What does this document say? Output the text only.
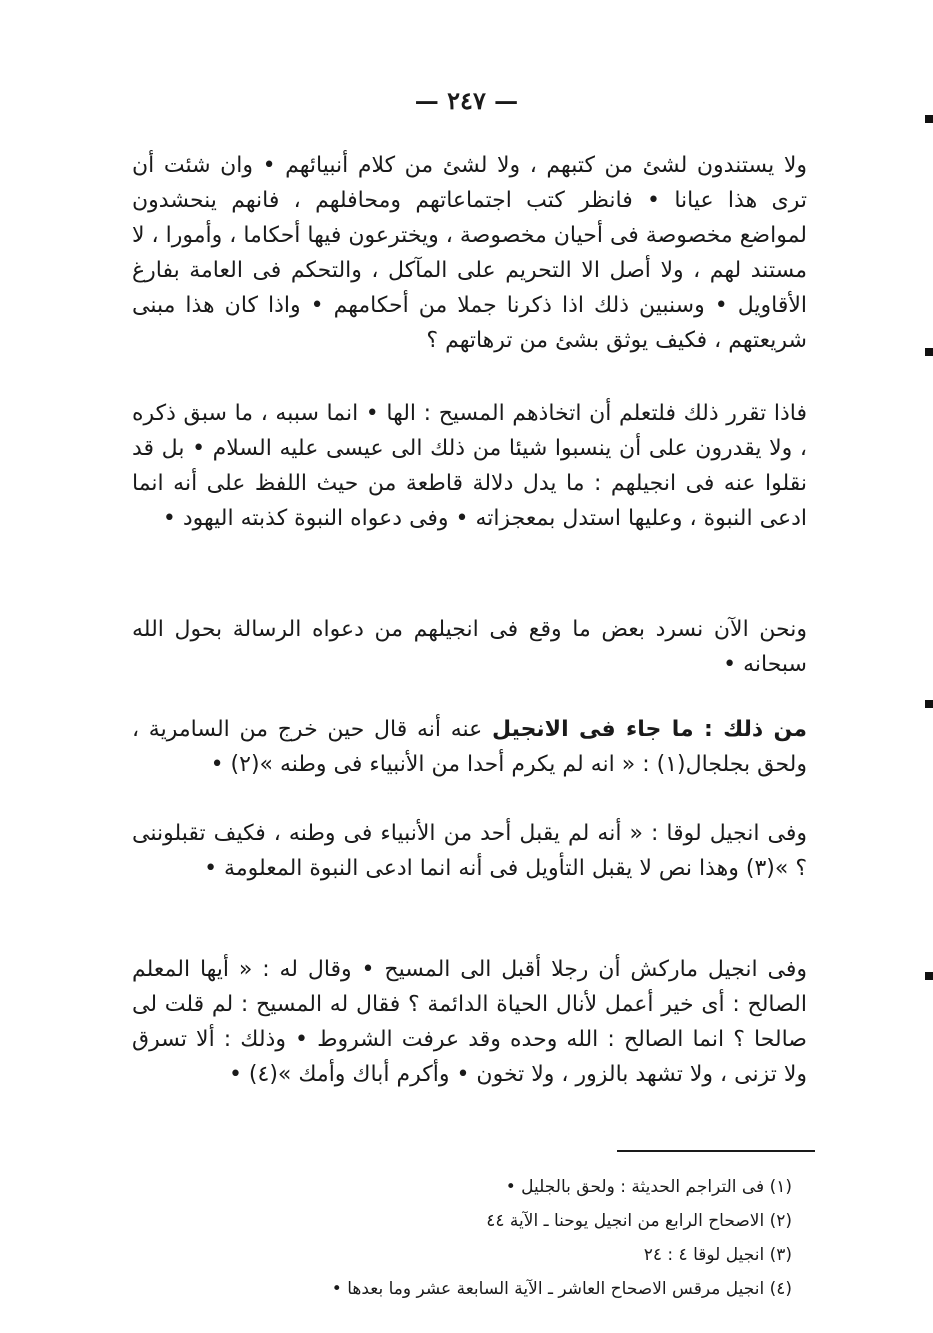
— ٢٤٧ —

ولا يستندون لشئ من كتبهم ، ولا لشئ من كلام أنبيائهم • وان شئت أن ترى هذا عيانا • فانظر كتب اجتماعاتهم ومحافلهم ، فانهم ينحشدون لمواضع مخصوصة فى أحيان مخصوصة ، ويخترعون فيها أحكاما ، وأمورا ، لا مستند لهم ، ولا أصل الا التحريم على المآكل ، والتحكم فى العامة بفارغ الأقاويل • وسنبين ذلك اذا ذكرنا جملا من أحكامهم • واذا كان هذا مبنى شريعتهم ، فكيف يوثق بشئ من ترهاتهم ؟

فاذا تقرر ذلك فلتعلم أن اتخاذهم المسيح : الها • انما سببه ، ما سبق ذكره ، ولا يقدرون على أن ينسبوا شيئا من ذلك الى عيسى عليه السلام • بل قد نقلوا عنه فى انجيلهم : ما يدل دلالة قاطعة من حيث اللفظ على أنه انما ادعى النبوة ، وعليها استدل بمعجزاته • وفى دعواه النبوة كذبته اليهود •

ونحن الآن نسرد بعض ما وقع فى انجيلهم من دعواه الرسالة بحول الله سبحانه •

من ذلك : ما جاء فى الانجيل عنه أنه قال حين خرج من السامرية ، ولحق بجلجال(١) : « انه لم يكرم أحدا من الأنبياء فى وطنه »(٢) •

وفى انجيل لوقا : « أنه لم يقبل أحد من الأنبياء فى وطنه ، فكيف تقبلوننى ؟ »(٣) وهذا نص لا يقبل التأويل فى أنه انما ادعى النبوة المعلومة •

وفى انجيل ماركش أن رجلا أقبل الى المسيح • وقال له : « أيها المعلم الصالح : أى خير أعمل لأنال الحياة الدائمة ؟ فقال له المسيح : لم قلت لى صالحا ؟ انما الصالح : الله وحده وقد عرفت الشروط • وذلك : ألا تسرق ولا تزنى ، ولا تشهد بالزور ، ولا تخون • وأكرم أباك وأمك »(٤) •

(١) فى التراجم الحديثة : ولحق بالجليل •
(٢) الاصحاح الرابع من انجيل يوحنا ـ الآية ٤٤
(٣) انجيل لوقا ٤ : ٢٤
(٤) انجيل مرقس الاصحاح العاشر ـ الآية السابعة عشر وما بعدها •
